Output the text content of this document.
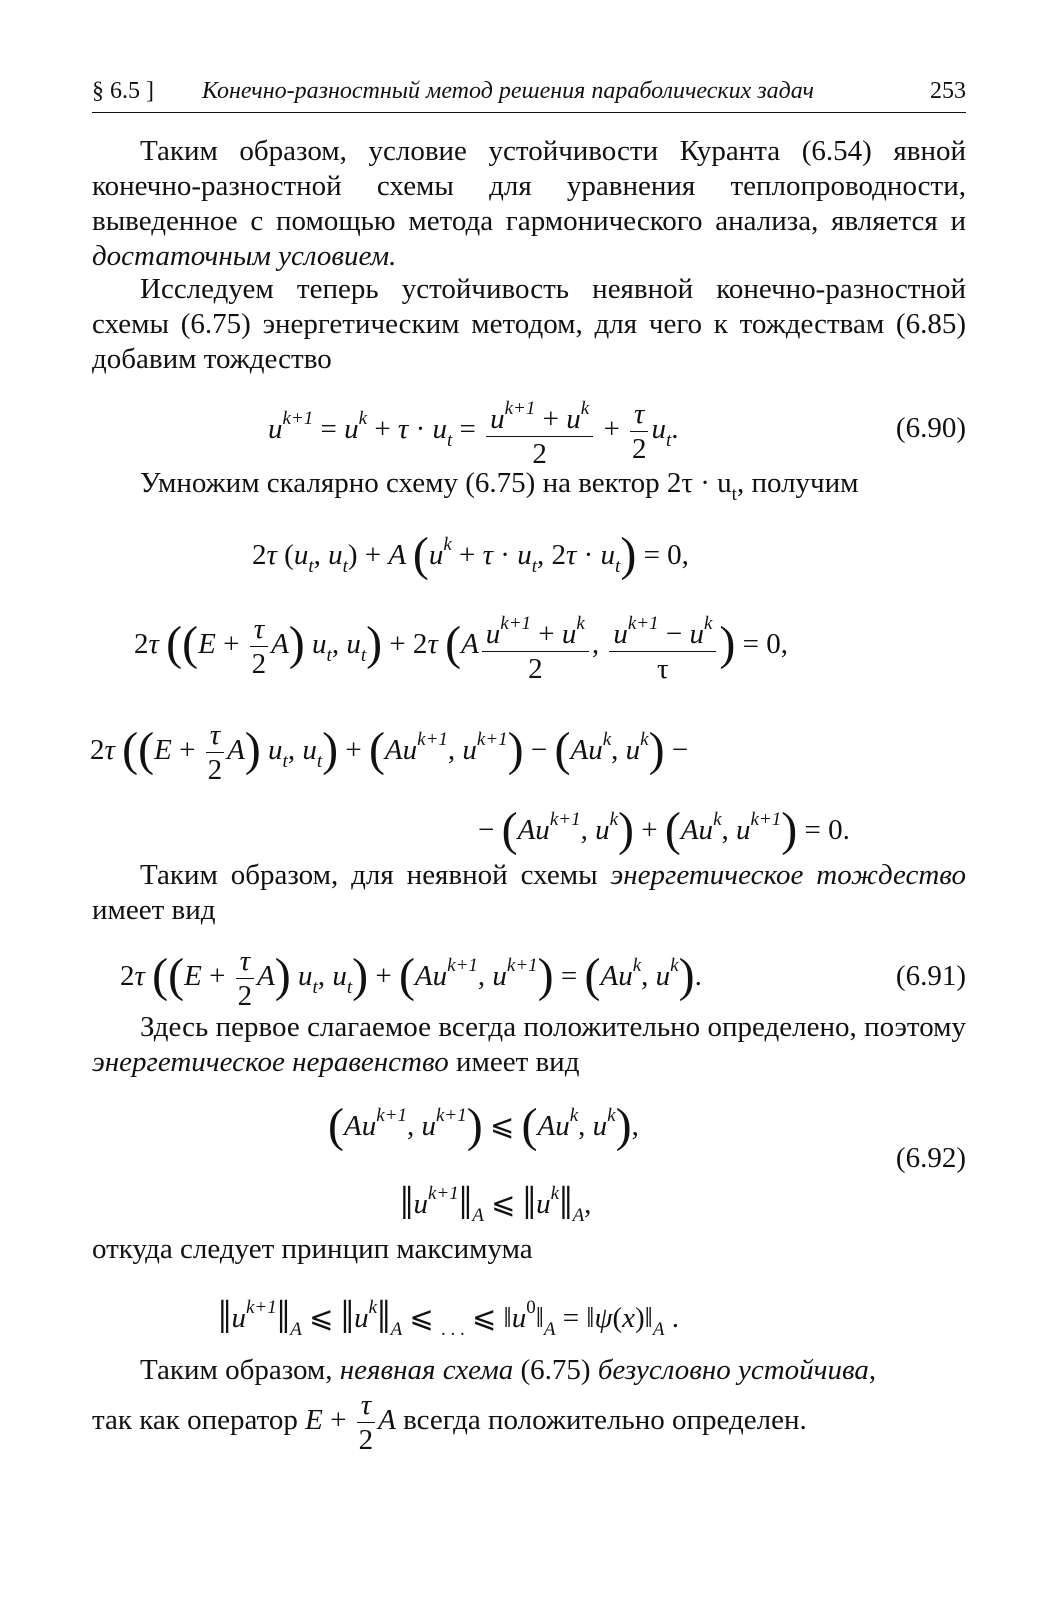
§ 6.5 ] Конечно-разностный метод решения параболических задач	253
Таким образом, условие устойчивости Куранта (6.54) явной конечно-разностной схемы для уравнения теплопроводности, выведенное с помощью метода гармонического анализа, является и достаточным условием.
Исследуем теперь устойчивость неявной конечно-разностной схемы (6.75) энергетическим методом, для чего к тождествам (6.85) добавим тождество
$u^{k+1} = u^k + \tau \cdot u_t = \frac{u^{k+1} + u^k}{2} + \frac{\tau}{2} u_t$.	(6.90)
Умножим скалярно схему (6.75) на вектор $2\tau \cdot u_t$, получим
2τ ($u_t$, $u_t) + A$ ($u^k + \tau \cdot u_t$, $2\tau \cdot u_t) = 0$,
2τ ($(E + \frac{\tau}{2} A)$ $u_t$, $u_t) + 2\tau$ ($A \frac{u^{k+1} + u^k}{2}$ , $\frac{u^{k+1} - u^k}{\tau}$ ) = 0,
2τ ($(E + \frac{\tau}{2} A)$ $u_t$, $u_t) + (Au^{k+1}$, $u^{k+1}) - (Au^k$, $u^k$) −
− ($Au^{k+1}$, $u^k) + (Au^k$, $u^{k+1}) = 0$.
Таким образом, для неявной схемы энергетическое тождество имеет вид
2τ ($(E + \frac{\tau}{2} A)$ $u_t$, $u_t) + (Au^{k+1}$, $u^{k+1}) = (Au^k$, $u^k$).	(6.91)
Здесь первое слагаемое всегда положительно определено, поэтому энергетическое неравенство имеет вид
($Au^{k+1}$, $u^{k+1}$) ⩽ (Au$^k$, $u^k$),
$‖u^{k+1}‖_A$ ⩽ $‖u^k‖_A$,
(6.92)
откуда следует принцип максимума
$‖u^{k+1}‖_A$ ⩽ $‖u^k‖_A$ ⩽ $_{. . .}$ ⩽ $‖u^0‖_A$ = $‖\psi(x)‖_A$ .
Таким образом, неявная схема (6.75) безусловно устойчива,
так как оператор $E + \frac{\tau}{2}$ A всегда положительно определен.
